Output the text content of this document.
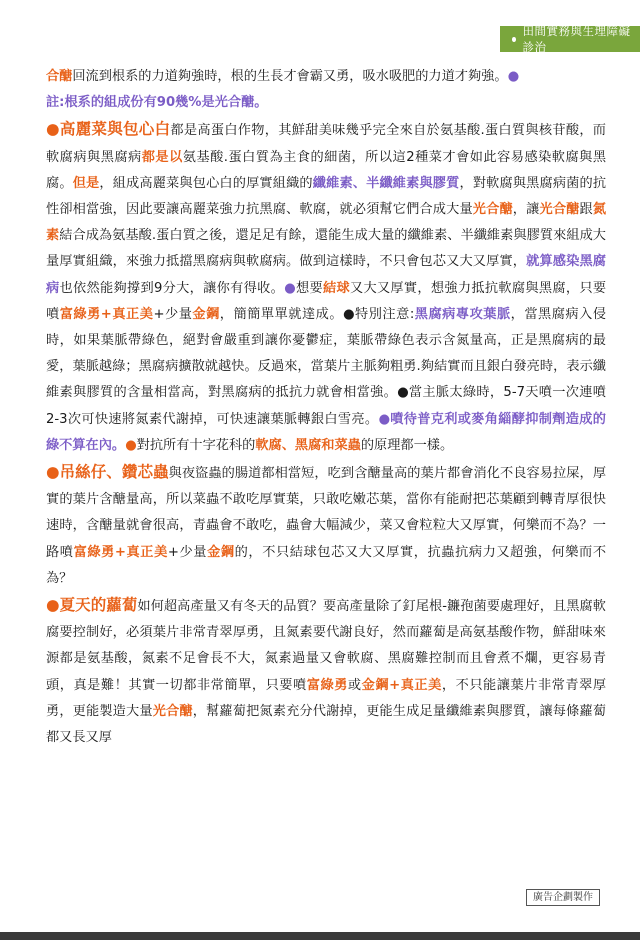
田間實務與生理障礙診治

合醣回流到根系的力道夠強時，根的生長才會霸又勇，吸水吸肥的力道才夠強。●
註:根系的組成份有90幾%是光合醣。

●高麗菜與包心白都是高蛋白作物，其鮮甜美味幾乎完全來自於氨基酸.蛋白質與核苷酸，而軟腐病與黑腐病都是以氨基酸.蛋白質為主食的細菌，所以這2種菜才會如此容易感染軟腐與黑腐。但是，組成高麗菜與包心白的厚實組織的纖維素、半纖維素與膠質，對軟腐與黑腐病菌的抗性卻相當強，因此要讓高麗菜強力抗黑腐、軟腐，就必須幫它們合成大量光合醣，讓光合醣跟氮素結合成為氨基酸.蛋白質之後，還足足有餘，還能生成大量的纖維素、半纖維素與膠質來組成大量厚實組織，來強力抵擋黑腐病與軟腐病。做到這樣時，不只會包芯又大又厚實，就算感染黑腐病也依然能夠撐到9分大，讓你有得收。●想要結球又大又厚實，想強力抵抗軟腐與黑腐，只要噴富綠勇+真正美+少量金鋼，簡簡單單就達成。●特別注意:黑腐病專攻葉脈，當黑腐病入侵時，如果葉脈帶綠色，絕對會嚴重到讓你憂鬱症，葉脈帶綠色表示含氮量高，正是黑腐病的最愛，葉脈越綠；黑腐病擴散就越快。反過來，當葉片主脈夠粗勇.夠結實而且銀白發亮時，表示纖維素與膠質的含量相當高，對黑腐病的抵抗力就會相當強。●當主脈太綠時，5-7天噴一次連噴2-3次可快速將氮素代謝掉，可快速讓葉脈轉銀白雪亮。●噴待普克利或麥角緇酵抑制劑造成的綠不算在內。●對抗所有十字花科的軟腐、黑腐和菜蟲的原理都一樣。

●吊絲仔、鑽芯蟲與夜盜蟲的腸道都相當短，吃到含醣量高的葉片都會消化不良容易拉屎，厚實的葉片含醣量高，所以菜蟲不敢吃厚實葉，只敢吃嫩芯葉，當你有能耐把芯葉顧到轉青厚很快速時，含醣量就會很高，青蟲會不敢吃，蟲會大幅減少，菜又會粒粒大又厚實，何樂而不為？一路噴富綠勇+真正美+少量金鋼的，不只結球包芯又大又厚實，抗蟲抗病力又超強，何樂而不為？

●夏天的蘿蔔如何超高產量又有冬天的品質？要高產量除了釘尾根-鐮孢菌要處理好，且黑腐軟腐要控制好，必須葉片非常青翠厚勇，且氮素要代謝良好，然而蘿蔔是高氨基酸作物，鮮甜味來源都是氨基酸，氮素不足會長不大，氮素過量又會軟腐、黑腐難控制而且會煮不爛，更容易青頭，真是難！其實一切都非常簡單，只要噴富綠勇或金鋼+真正美，不只能讓葉片非常青翠厚勇，更能製造大量光合醣，幫蘿蔔把氮素充分代謝掉，更能生成足量纖維素與膠質，讓每條蘿蔔都又長又厚

廣告企劃製作
